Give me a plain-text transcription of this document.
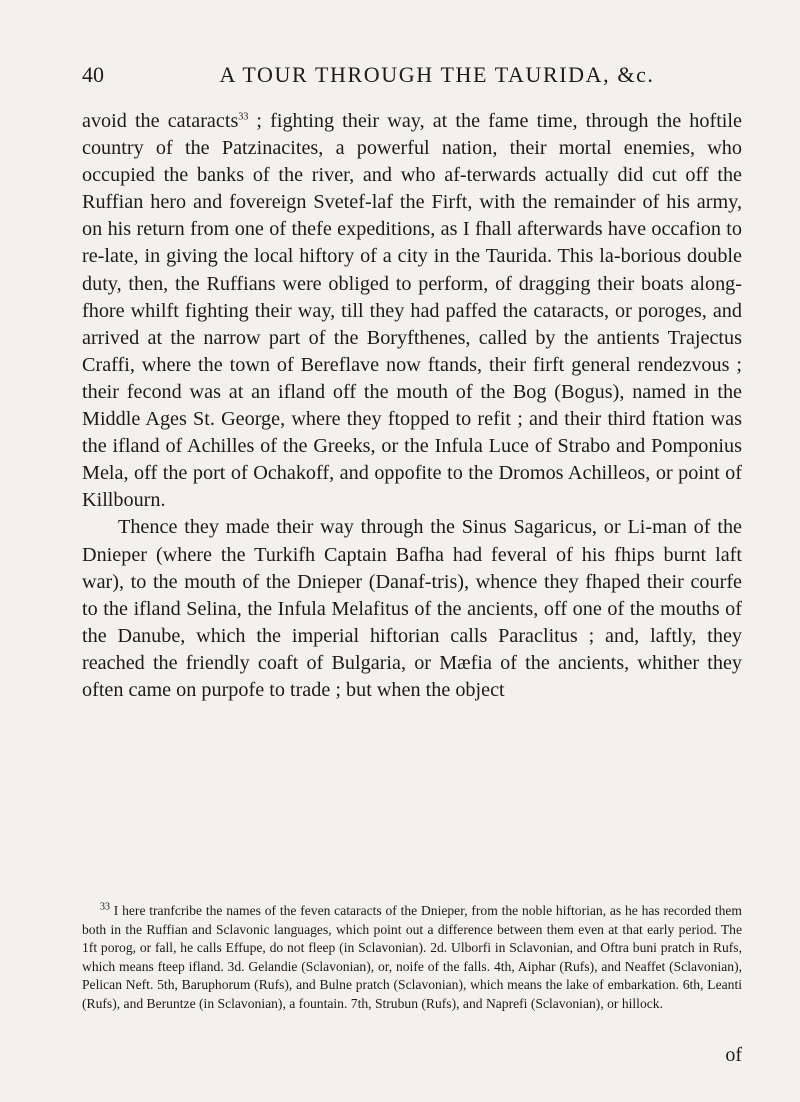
40	A TOUR THROUGH THE TAURIDA, &c.

avoid the cataracts$^{33}$ ; fighting their way, at the fame time, through the hoftile country of the Patzinacites, a powerful nation, their mortal enemies, who occupied the banks of the river, and who af-terwards actually did cut off the Ruffian hero and fovereign Svetef-laf the Firft, with the remainder of his army, on his return from one of thefe expeditions, as I fhall afterwards have occafion to re-late, in giving the local hiftory of a city in the Taurida. This la-borious double duty, then, the Ruffians were obliged to perform, of dragging their boats along-fhore whilft fighting their way, till they had paffed the cataracts, or poroges, and arrived at the narrow part of the Boryfthenes, called by the antients Trajectus Craffi, where the town of Bereflave now ftands, their firft general rendezvous ; their fecond was at an ifland off the mouth of the Bog (Bogus), named in the Middle Ages St. George, where they ftopped to refit ; and their third ftation was the ifland of Achilles of the Greeks, or the Infula Luce of Strabo and Pomponius Mela, off the port of Ochakoff, and oppofite to the Dromos Achilleos, or point of Killbourn.

Thence they made their way through the Sinus Sagaricus, or Li-man of the Dnieper (where the Turkifh Captain Bafha had feveral of his fhips burnt laft war), to the mouth of the Dnieper (Danaf-tris), whence they fhaped their courfe to the ifland Selina, the Infula Melafitus of the ancients, off one of the mouths of the Danube, which the imperial hiftorian calls Paraclitus ; and, laftly, they reached the friendly coaft of Bulgaria, or Mæfia of the ancients, whither they often came on purpofe to trade ; but when the object

$^{33}$ I here tranfcribe the names of the feven cataracts of the Dnieper, from the noble hiftorian, as he has recorded them both in the Ruffian and Sclavonic languages, which point out a difference between them even at that early period. The 1ft porog, or fall, he calls Effupe, do not fleep (in Sclavonian). 2d. Ulborfi in Sclavonian, and Oftra buni pratch in Rufs, which means fteep ifland. 3d. Gelandie (Sclavonian), or, noife of the falls. 4th, Aiphar (Rufs), and Neaffet (Sclavonian), Pelican Neft. 5th, Baruphorum (Rufs), and Bulne pratch (Sclavonian), which means the lake of embarkation. 6th, Leanti (Rufs), and Beruntze (in Sclavonian), a fountain. 7th, Strubun (Rufs), and Naprefi (Sclavonian), or hillock.

of
